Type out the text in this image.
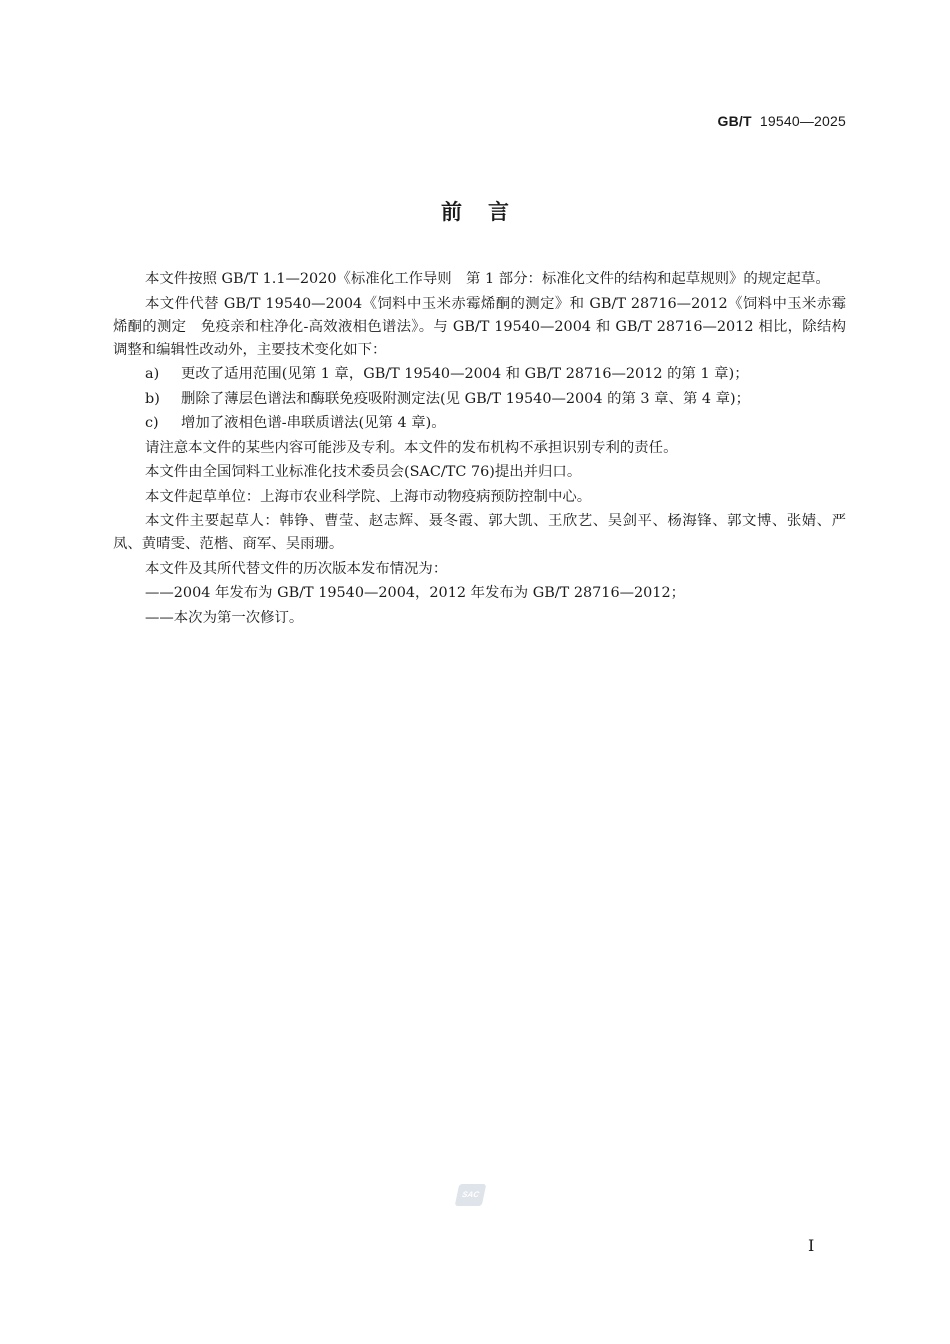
GB/T 19540—2025
前言

本文件按照 GB/T 1.1—2020《标准化工作导则　第 1 部分：标准化文件的结构和起草规则》的规定起草。

本文件代替 GB/T 19540—2004《饲料中玉米赤霉烯酮的测定》和 GB/T 28716—2012《饲料中玉米赤霉烯酮的测定　免疫亲和柱净化-高效液相色谱法》。与 GB/T 19540—2004 和 GB/T 28716—2012 相比，除结构调整和编辑性改动外，主要技术变化如下：

a) 更改了适用范围(见第 1 章，GB/T 19540—2004 和 GB/T 28716—2012 的第 1 章)；
b) 删除了薄层色谱法和酶联免疫吸附测定法(见 GB/T 19540—2004 的第 3 章、第 4 章)；
c) 增加了液相色谱-串联质谱法(见第 4 章)。

请注意本文件的某些内容可能涉及专利。本文件的发布机构不承担识别专利的责任。

本文件由全国饲料工业标准化技术委员会(SAC/TC 76)提出并归口。

本文件起草单位：上海市农业科学院、上海市动物疫病预防控制中心。

本文件主要起草人：韩铮、曹莹、赵志辉、聂冬霞、郭大凯、王欣艺、吴剑平、杨海锋、郭文博、张婧、严凤、黄晴雯、范楷、商军、吴雨珊。

本文件及其所代替文件的历次版本发布情况为：

——2004 年发布为 GB/T 19540—2004，2012 年发布为 GB/T 28716—2012；
——本次为第一次修订。
SAC
I
